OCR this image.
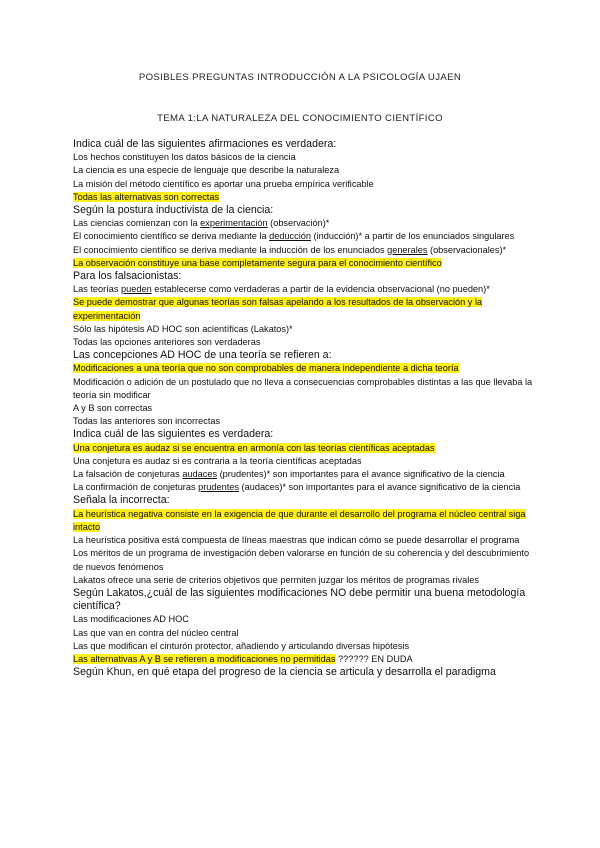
POSIBLES PREGUNTAS INTRODUCCIÓN A LA PSICOLOGÍA UJAEN
TEMA 1:LA NATURALEZA DEL CONOCIMIENTO CIENTÍFICO
Indica cuál de las siguientes afirmaciones es verdadera:
Los hechos constituyen los datos básicos de la ciencia
La ciencia es una especie de lenguaje que describe la naturaleza
La misión del método científico es aportar una prueba empírica verificable
Todas las alternativas son correctas
Según la postura inductivista de la ciencia:
Las ciencias comienzan con la experimentación (observación)*
El conocimiento científico se deriva mediante la deducción (inducción)* a partir de los enunciados singulares
El conocimiento científico se deriva mediante la inducción de los enunciados generales (observacionales)*
La observación constituye una base completamente segura para el conocimiento científico
Para los falsacionistas:
Las teorías pueden establecerse como verdaderas a partir de la evidencia observacional (no pueden)*
Se puede demostrar que algunas teorías son falsas apelando a los resultados de la observación y la experimentación
Sólo las hipótesis AD HOC son acientíficas (Lakatos)*
Todas las opciones anteriores son verdaderas
Las concepciones AD HOC de una teoría se refieren a:
Modificaciones a una teoría que no son comprobables de manera independiente a dicha teoría
Modificación o adición de un postulado que no lleva a consecuencias comprobables distintas a las que llevaba la teoría sin modificar
A y B son correctas
Todas las anteriores son incorrectas
Indica cuál de las siguientes es verdadera:
Una conjetura es audaz si se encuentra en armonía con las teorías científicas aceptadas
Una conjetura es audaz si es contraria a la teoría científicas aceptadas
La falsación de conjeturas audaces (prudentes)* son importantes para el avance significativo de la ciencia
La confirmación de conjeturas prudentes (audaces)* son importantes para el avance significativo de la ciencia
Señala la incorrecta:
La heurística negativa consiste en la exigencia de que durante el desarrollo del programa el núcleo central siga intacto
La heurística positiva está compuesta de líneas maestras que indican cómo se puede desarrollar el programa
Los méritos de un programa de investigación deben valorarse en función de su coherencia y del descubrimiento de nuevos fenómenos
Lakatos ofrece una serie de criterios objetivos que permiten juzgar los méritos de programas rivales
Según Lakatos,¿cuál de las siguientes modificaciones NO debe permitir una buena metodología científica?
Las modificaciones AD HOC
Las que van en contra del núcleo central
Las que modifican el cinturón protector, añadiendo y articulando diversas hipótesis
Las alternativas A y B se refieren a modificaciones no permitidas ?????? EN DUDA
Según Khun, en qué etapa del progreso de la ciencia se articula y desarrolla el paradigma
